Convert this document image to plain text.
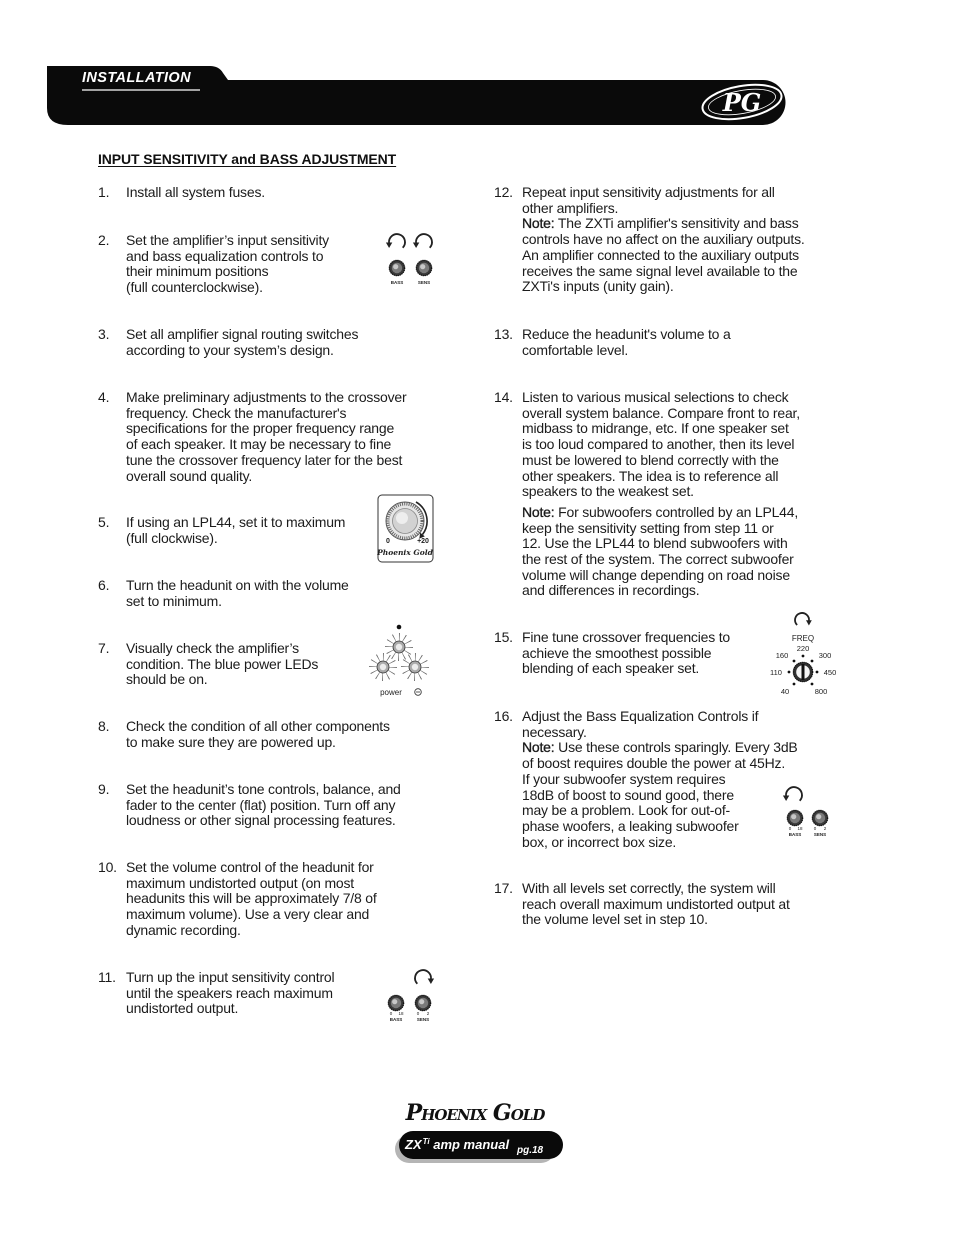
PG
INSTALLATION
INPUT SENSITIVITY and BASS ADJUSTMENT
1. Install all system fuses.
2. Set the amplifier’s input sensitivity
and bass equalization controls to
their minimum positions
(full counterclockwise).
3. Set all amplifier signal routing switches
according to your system’s design.
4. Make preliminary adjustments to the crossover
frequency. Check the manufacturer's
specifications for the proper frequency range
of each speaker. It may be necessary to fine
tune the crossover frequency later for the best
overall sound quality.
5. If using an LPL44, set it to maximum
(full clockwise).
6. Turn the headunit on with the volume
set to minimum.
7. Visually check the amplifier’s
condition. The blue power LEDs
should be on.
8. Check the condition of all other components
to make sure they are powered up.
9. Set the headunit’s tone controls, balance, and
fader to the center (flat) position. Turn off any
loudness or other signal processing features.
10. Set the volume control of the headunit for
maximum undistorted output (on most
headunits this will be approximately 7/8 of
maximum volume). Use a very clear and
dynamic recording.
11. Turn up the input sensitivity control
until the speakers reach maximum
undistorted output.
12. Repeat input sensitivity adjustments for all
other amplifiers.
Note: The ZXTi amplifier's sensitivity and bass
controls have no affect on the auxiliary outputs.
An amplifier connected to the auxiliary outputs
receives the same signal level available to the
ZXTi's inputs (unity gain).
13. Reduce the headunit's volume to a
comfortable level.
14. Listen to various musical selections to check
overall system balance. Compare front to rear,
midbass to midrange, etc. If one speaker set
is too loud compared to another, then its level
must be lowered to blend correctly with the
other speakers. The idea is to reference all
speakers to the weakest set.
Note: For subwoofers controlled by an LPL44,
keep the sensitivity setting from step 11 or
12. Use the LPL44 to blend subwoofers with
the rest of the system. The correct subwoofer
volume will change depending on road noise
and differences in recordings.
15. Fine tune crossover frequencies to
achieve the smoothest possible
blending of each speaker set.
16. Adjust the Bass Equalization Controls if
necessary.
Note: Use these controls sparingly. Every 3dB
of boost requires double the power at 45Hz.
If your subwoofer system requires
18dB of boost to sound good, there
may be a problem. Look for out-of-
phase woofers, a leaking subwoofer
box, or incorrect box size.
17. With all levels set correctly, the system will
reach overall maximum undistorted output at
the volume level set in step 10.
BASS	SENS
0	+20
Phoenix Gold
power
0 18	0 2
BASS	SENS
FREQ
220
160	300
110	450
40	800
0 18 0 2
BASS	SENS
Phoenix Gold
$ZX^{Ti}$ amp manual pg.18
